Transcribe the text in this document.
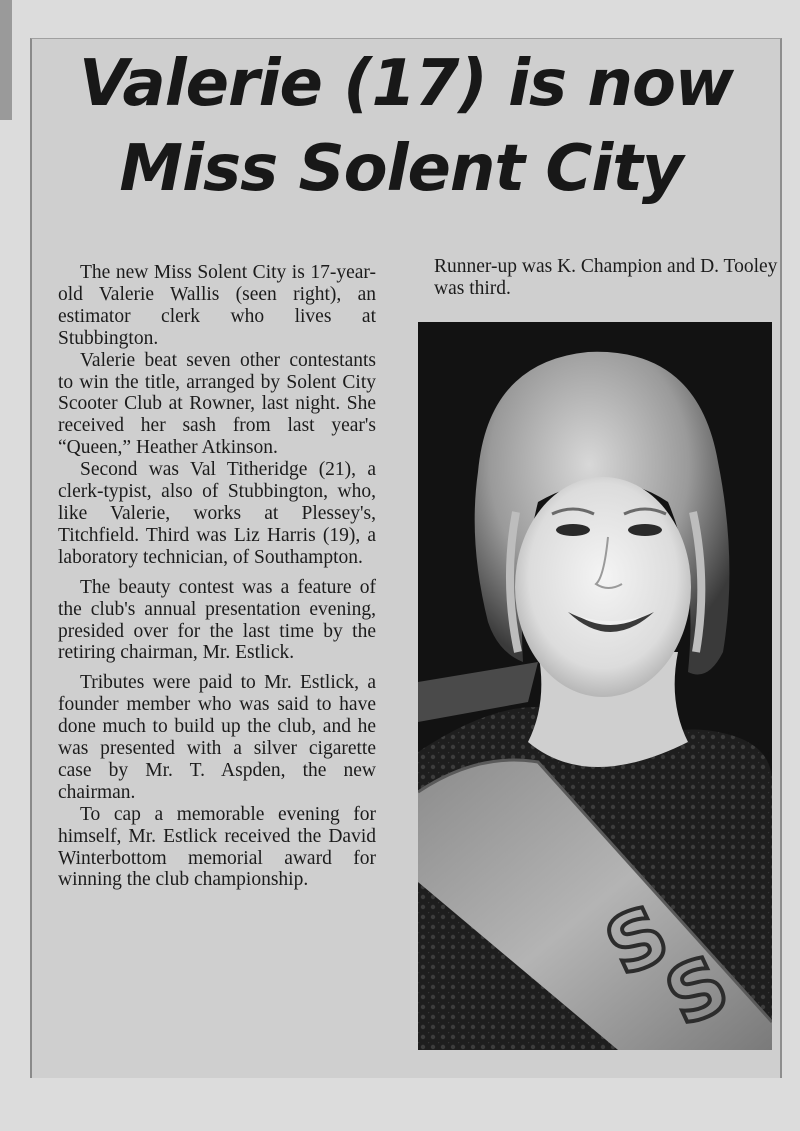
Valerie (17) is now
Miss Solent City

The new Miss Solent City is 17-year-old Valerie Wallis (seen right), an estimator clerk who lives at Stubbington.

Valerie beat seven other contestants to win the title, arranged by Solent City Scooter Club at Rowner, last night. She received her sash from last year's “Queen,” Heather Atkinson.

Second was Val Titheridge (21), a clerk-typist, also of Stubbington, who, like Valerie, works at Plessey's, Titchfield. Third was Liz Harris (19), a laboratory technician, of Southampton.

The beauty contest was a feature of the club's annual presentation evening, presided over for the last time by the retiring chairman, Mr. Estlick.

Tributes were paid to Mr. Estlick, a founder member who was said to have done much to build up the club, and he was presented with a silver cigarette case by Mr. T. Aspden, the new chairman.

To cap a memorable evening for himself, Mr. Estlick received the David Winterbottom memorial award for winning the club championship.

Runner-up was K. Champion and D. Tooley was third.

S
S
